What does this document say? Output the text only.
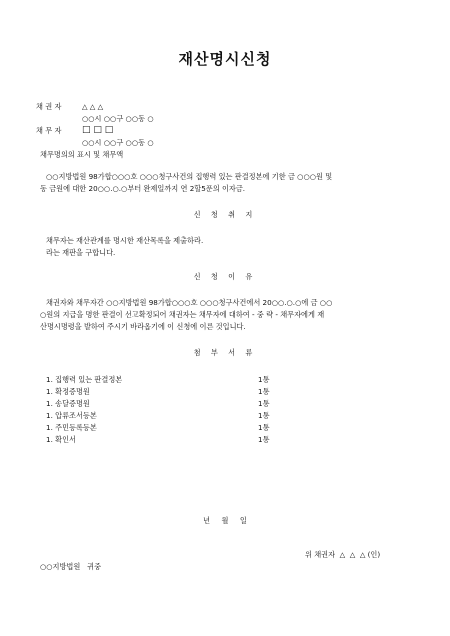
재산명시신청
채 권 자	△ △ △
○○시 ○○구 ○○동 ○
채 무 자 □ □ □
○○시 ○○구 ○○동 ○
채무명의의 표시 및 채무액
○○지방법원 98가합○○○호 ○○○청구사건의 집행력 있는 판결정본에 기한 금 ○○○원 및
동 금원에 대한 20○○.○.○부터 완제일까지 연 2할5푼의 이자금.
신 청 취 지
채무자는 재산관계를 명시한 재산목록을 제출하라.
라는 재판을 구합니다.
신 청 이 유
채권자와 채무자간 ○○지방법원 98가합○○○호 ○○○청구사건에서 20○○.○.○에 금 ○○
○원의 지급을 명한 판결이 선고확정되어 채권자는 채무자에 대하여 - 중 략 - 채무자에게 재
산명시명령을 발하여 주시기 바라옵기에 이 신청에 이른 것입니다.
첨 부 서 류
1. 집행력 있는 판결정본	1통
1. 확정증명원	1통
1. 송달증명원	1통
1. 압류조서등본	1통
1. 주민등록등본	1통
1. 확인서	1통
년     월     일
위 채권자  △  △  △ (인)
○○지방법원   귀중
